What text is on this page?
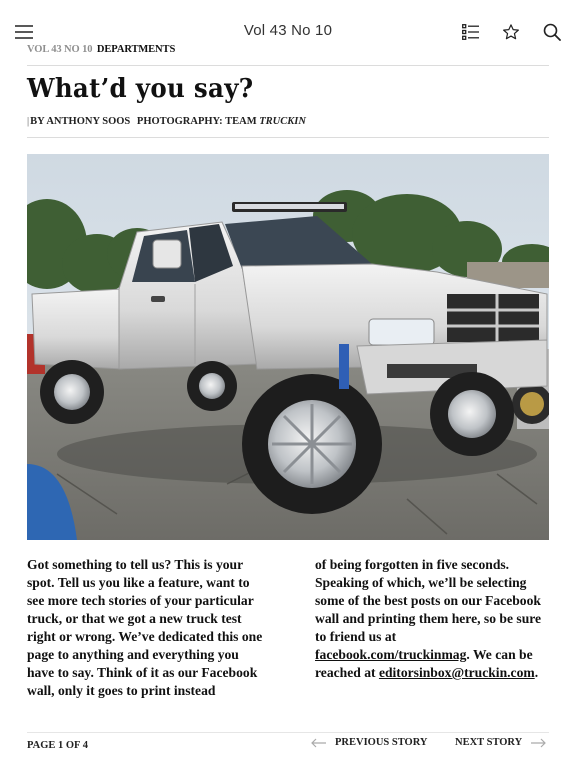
Vol 43 No 10
VOL 43 NO 10 DEPARTMENTS
What’d you say?
|BY ANTHONY SOOS PHOTOGRAPHY: TEAM TRUCKIN
Got something to tell us? This is your spot. Tell us you like a feature, want to see more tech stories of your particular truck, or that we got a new truck test right or wrong. We’ve dedicated this one page to anything and everything you have to say. Think of it as our Facebook wall, only it goes to print instead
of being forgotten in five seconds. Speaking of which, we’ll be selecting some of the best posts on our Facebook wall and printing them here, so be sure to friend us at facebook.com/truckinmag. We can be reached at editorsinbox@truckin.com.
PAGE 1 OF 4	PREVIOUS STORY	NEXT STORY
